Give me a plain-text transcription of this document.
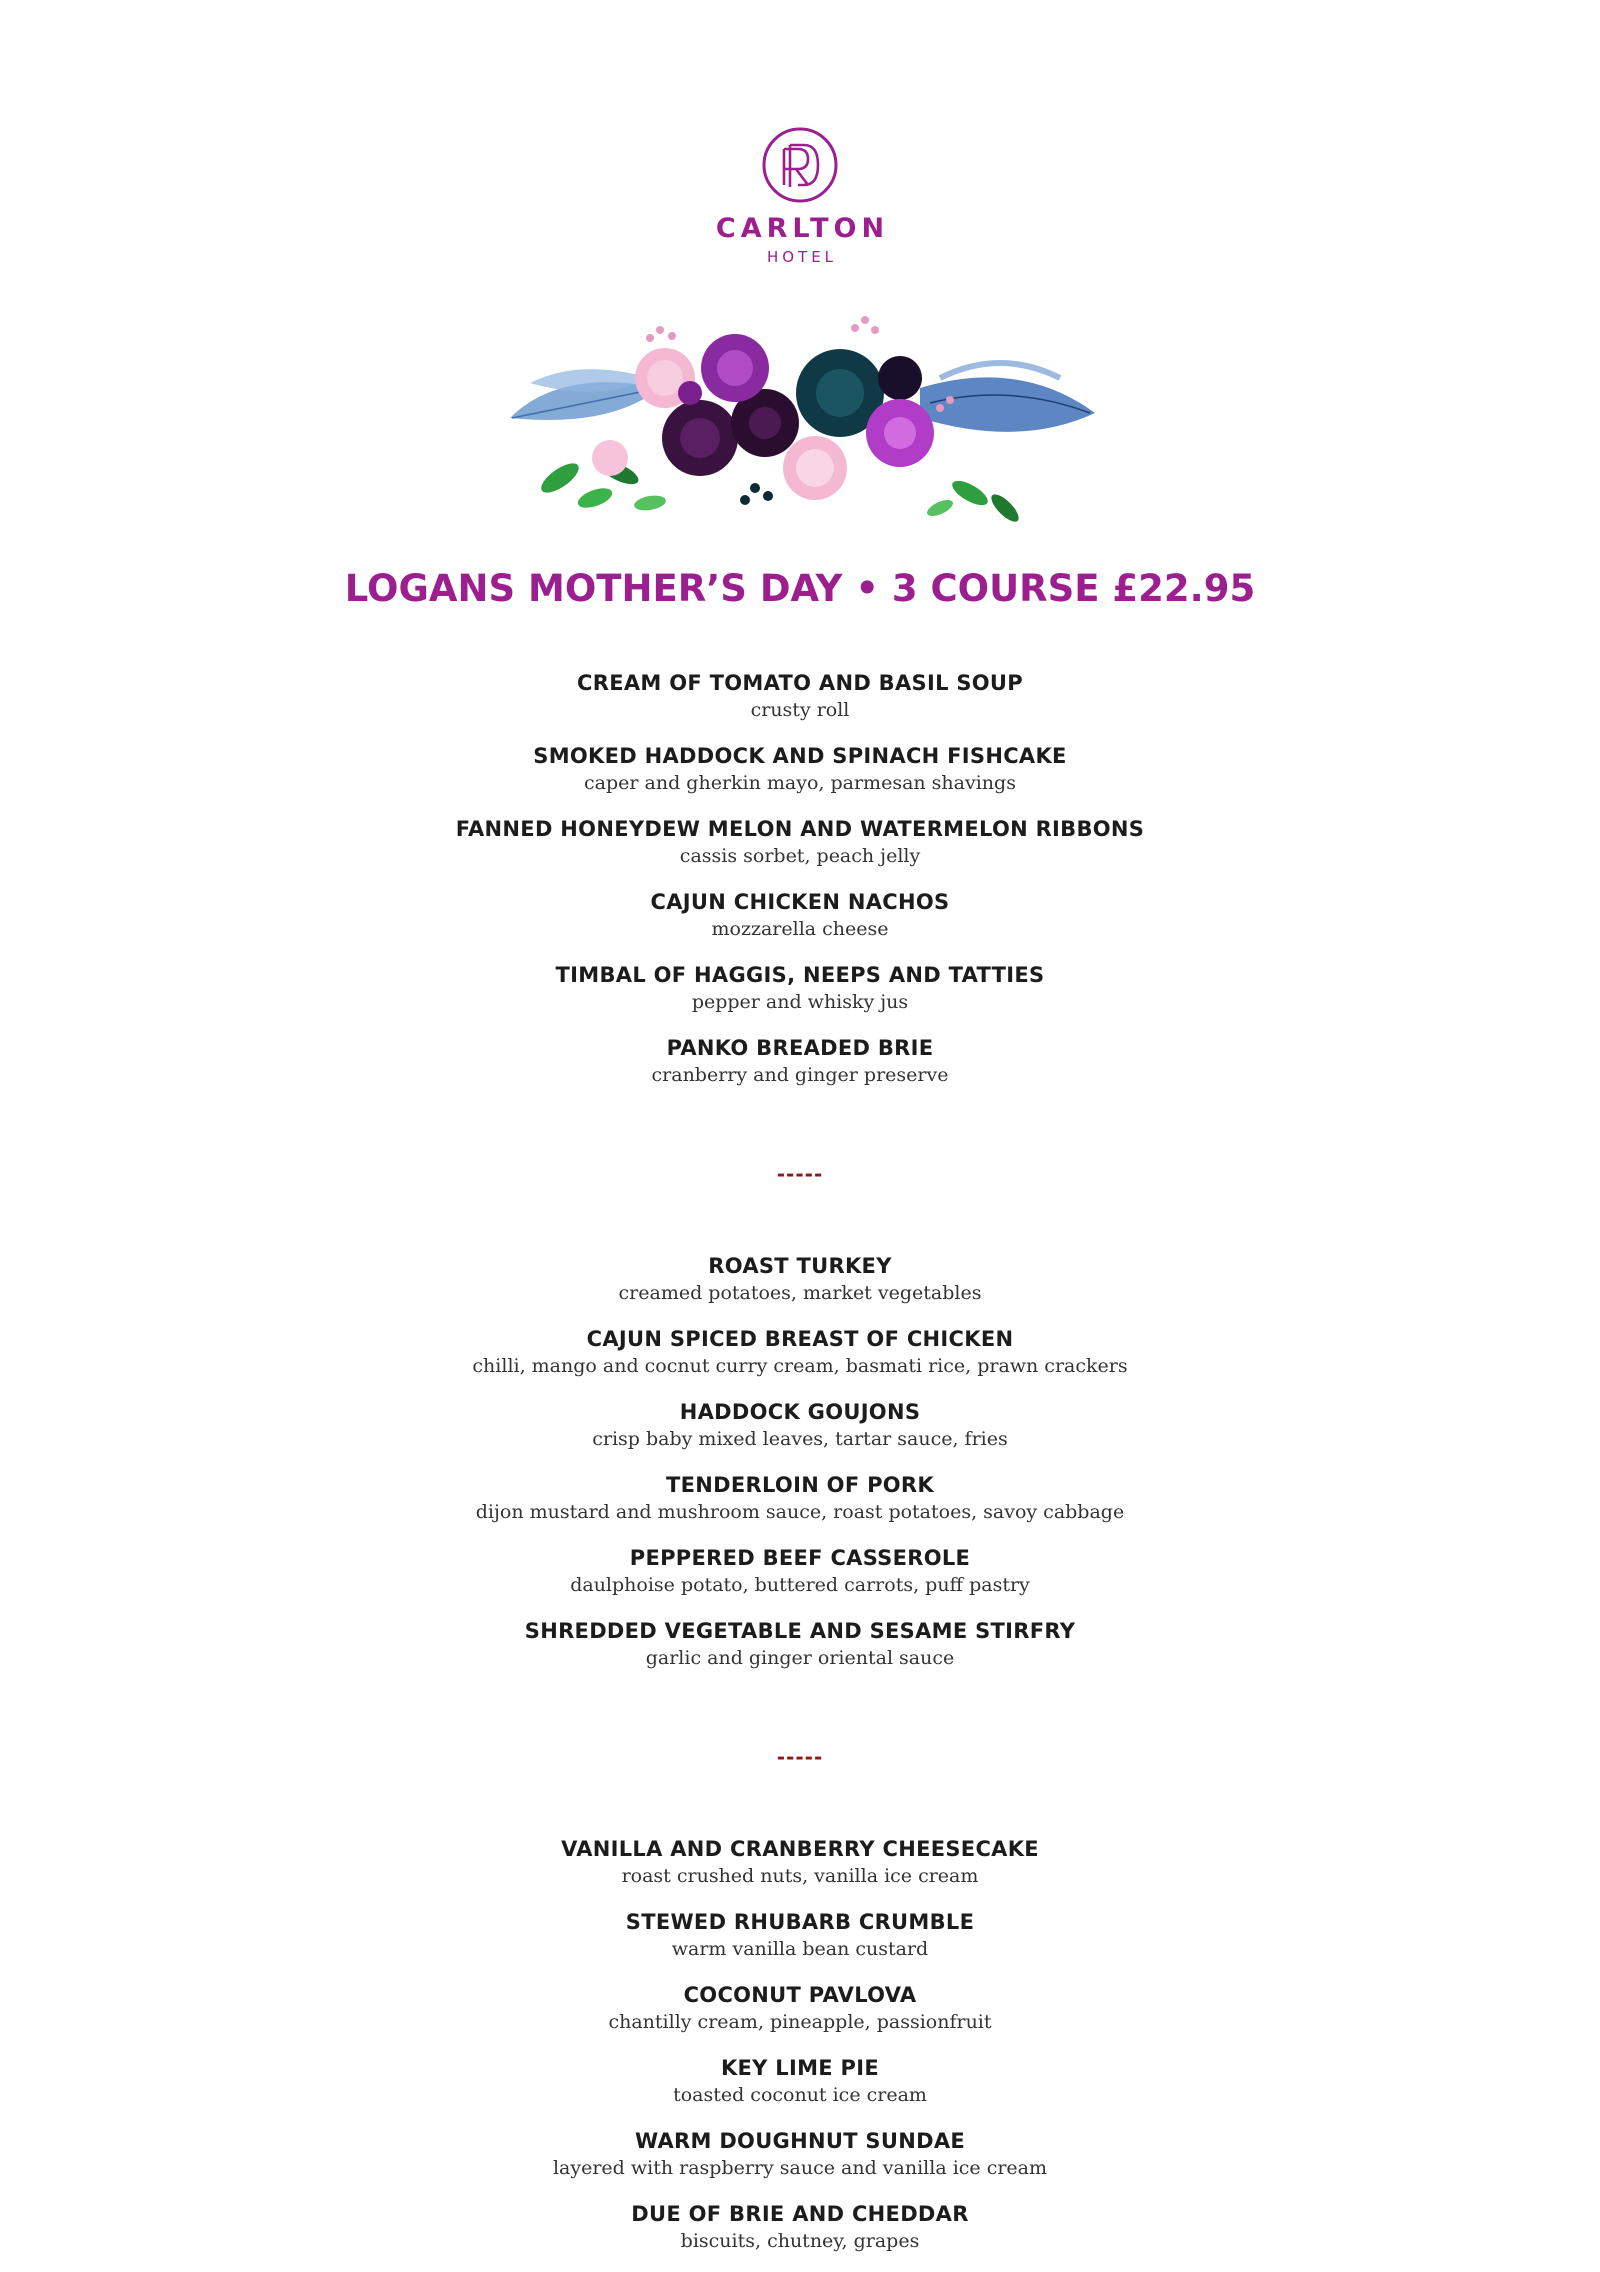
CARLTON
HOTEL
LOGANS MOTHER’S DAY • 3 COURSE £22.95
CREAM OF TOMATO AND BASIL SOUP
crusty roll
SMOKED HADDOCK AND SPINACH FISHCAKE
caper and gherkin mayo, parmesan shavings
FANNED HONEYDEW MELON AND WATERMELON RIBBONS
cassis sorbet, peach jelly
CAJUN CHICKEN NACHOS
mozzarella cheese
TIMBAL OF HAGGIS, NEEPS AND TATTIES
pepper and whisky jus
PANKO BREADED BRIE
cranberry and ginger preserve
-----
ROAST TURKEY
creamed potatoes, market vegetables
CAJUN SPICED BREAST OF CHICKEN
chilli, mango and cocnut curry cream, basmati rice, prawn crackers
HADDOCK GOUJONS
crisp baby mixed leaves, tartar sauce, fries
TENDERLOIN OF PORK
dijon mustard and mushroom sauce, roast potatoes, savoy cabbage
PEPPERED BEEF CASSEROLE
daulphoise potato, buttered carrots, puff pastry
SHREDDED VEGETABLE AND SESAME STIRFRY
garlic and ginger oriental sauce
-----
VANILLA AND CRANBERRY CHEESECAKE
roast crushed nuts, vanilla ice cream
STEWED RHUBARB CRUMBLE
warm vanilla bean custard
COCONUT PAVLOVA
chantilly cream, pineapple, passionfruit
KEY LIME PIE
toasted coconut ice cream
WARM DOUGHNUT SUNDAE
layered with raspberry sauce and vanilla ice cream
DUE OF BRIE AND CHEDDAR
biscuits, chutney, grapes
